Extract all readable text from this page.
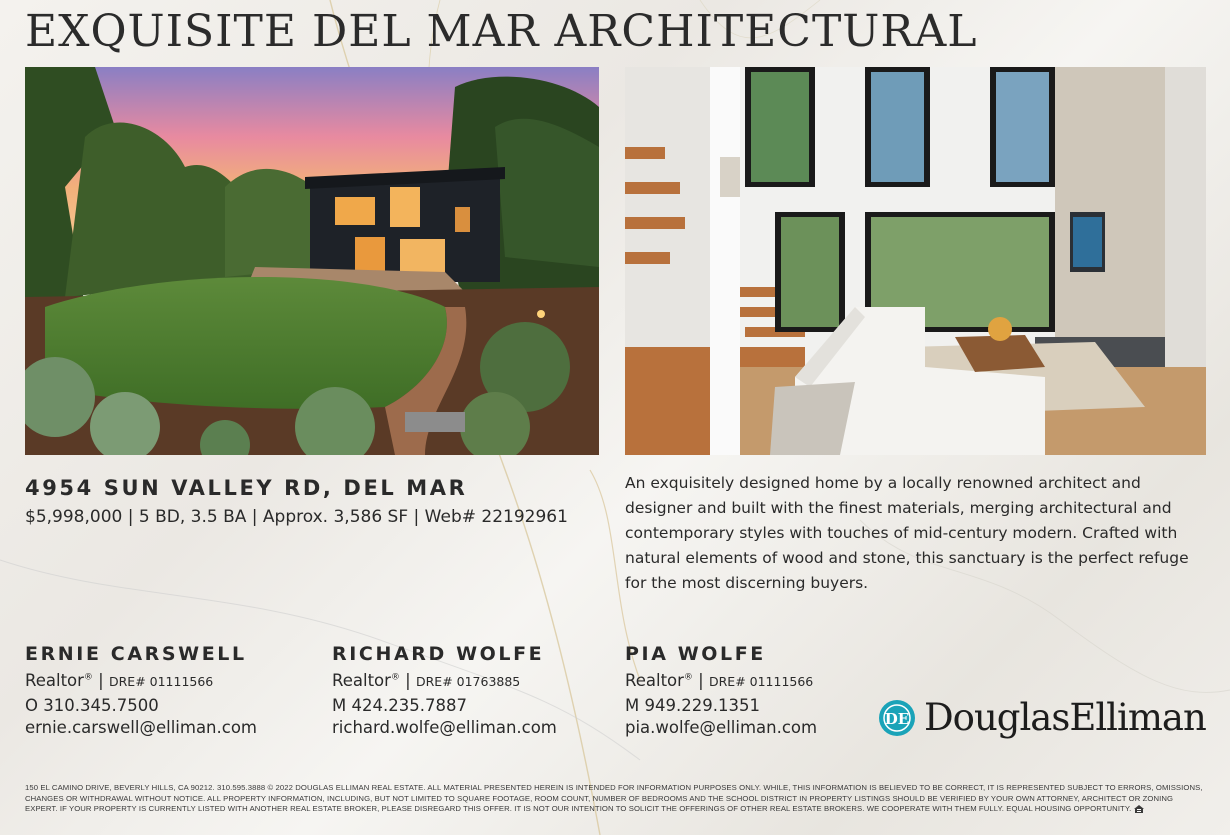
EXQUISITE DEL MAR ARCHITECTURAL
4954 SUN VALLEY RD, DEL MAR
$5,998,000 | 5 BD, 3.5 BA | Approx. 3,586 SF | Web# 22192961

An exquisitely designed home by a locally renowned architect and designer and built with the finest materials, merging architectural and contemporary styles with touches of mid-century modern. Crafted with natural elements of wood and stone, this sanctuary is the perfect refuge for the most discerning buyers.

ERNIE CARSWELL
Realtor® | DRE# 01111566
O 310.345.7500
ernie.carswell@elliman.com
RICHARD WOLFE
Realtor® | DRE# 01763885
M 424.235.7887
richard.wolfe@elliman.com
PIA WOLFE
Realtor® | DRE# 01111566
M 949.229.1351
pia.wolfe@elliman.com	DE DouglasElliman

150 EL CAMINO DRIVE, BEVERLY HILLS, CA 90212. 310.595.3888 © 2022 DOUGLAS ELLIMAN REAL ESTATE. ALL MATERIAL PRESENTED HEREIN IS INTENDED FOR INFORMATION PURPOSES ONLY. WHILE, THIS INFORMATION IS BELIEVED TO BE CORRECT, IT IS REPRESENTED SUBJECT TO ERRORS, OMISSIONS, CHANGES OR WITHDRAWAL WITHOUT NOTICE. ALL PROPERTY INFORMATION, INCLUDING, BUT NOT LIMITED TO SQUARE FOOTAGE, ROOM COUNT, NUMBER OF BEDROOMS AND THE SCHOOL DISTRICT IN PROPERTY LISTINGS SHOULD BE VERIFIED BY YOUR OWN ATTORNEY, ARCHITECT OR ZONING EXPERT. IF YOUR PROPERTY IS CURRENTLY LISTED WITH ANOTHER REAL ESTATE BROKER, PLEASE DISREGARD THIS OFFER. IT IS NOT OUR INTENTION TO SOLICIT THE OFFERINGS OF OTHER REAL ESTATE BROKERS. WE COOPERATE WITH THEM FULLY. EQUAL HOUSING OPPORTUNITY.
